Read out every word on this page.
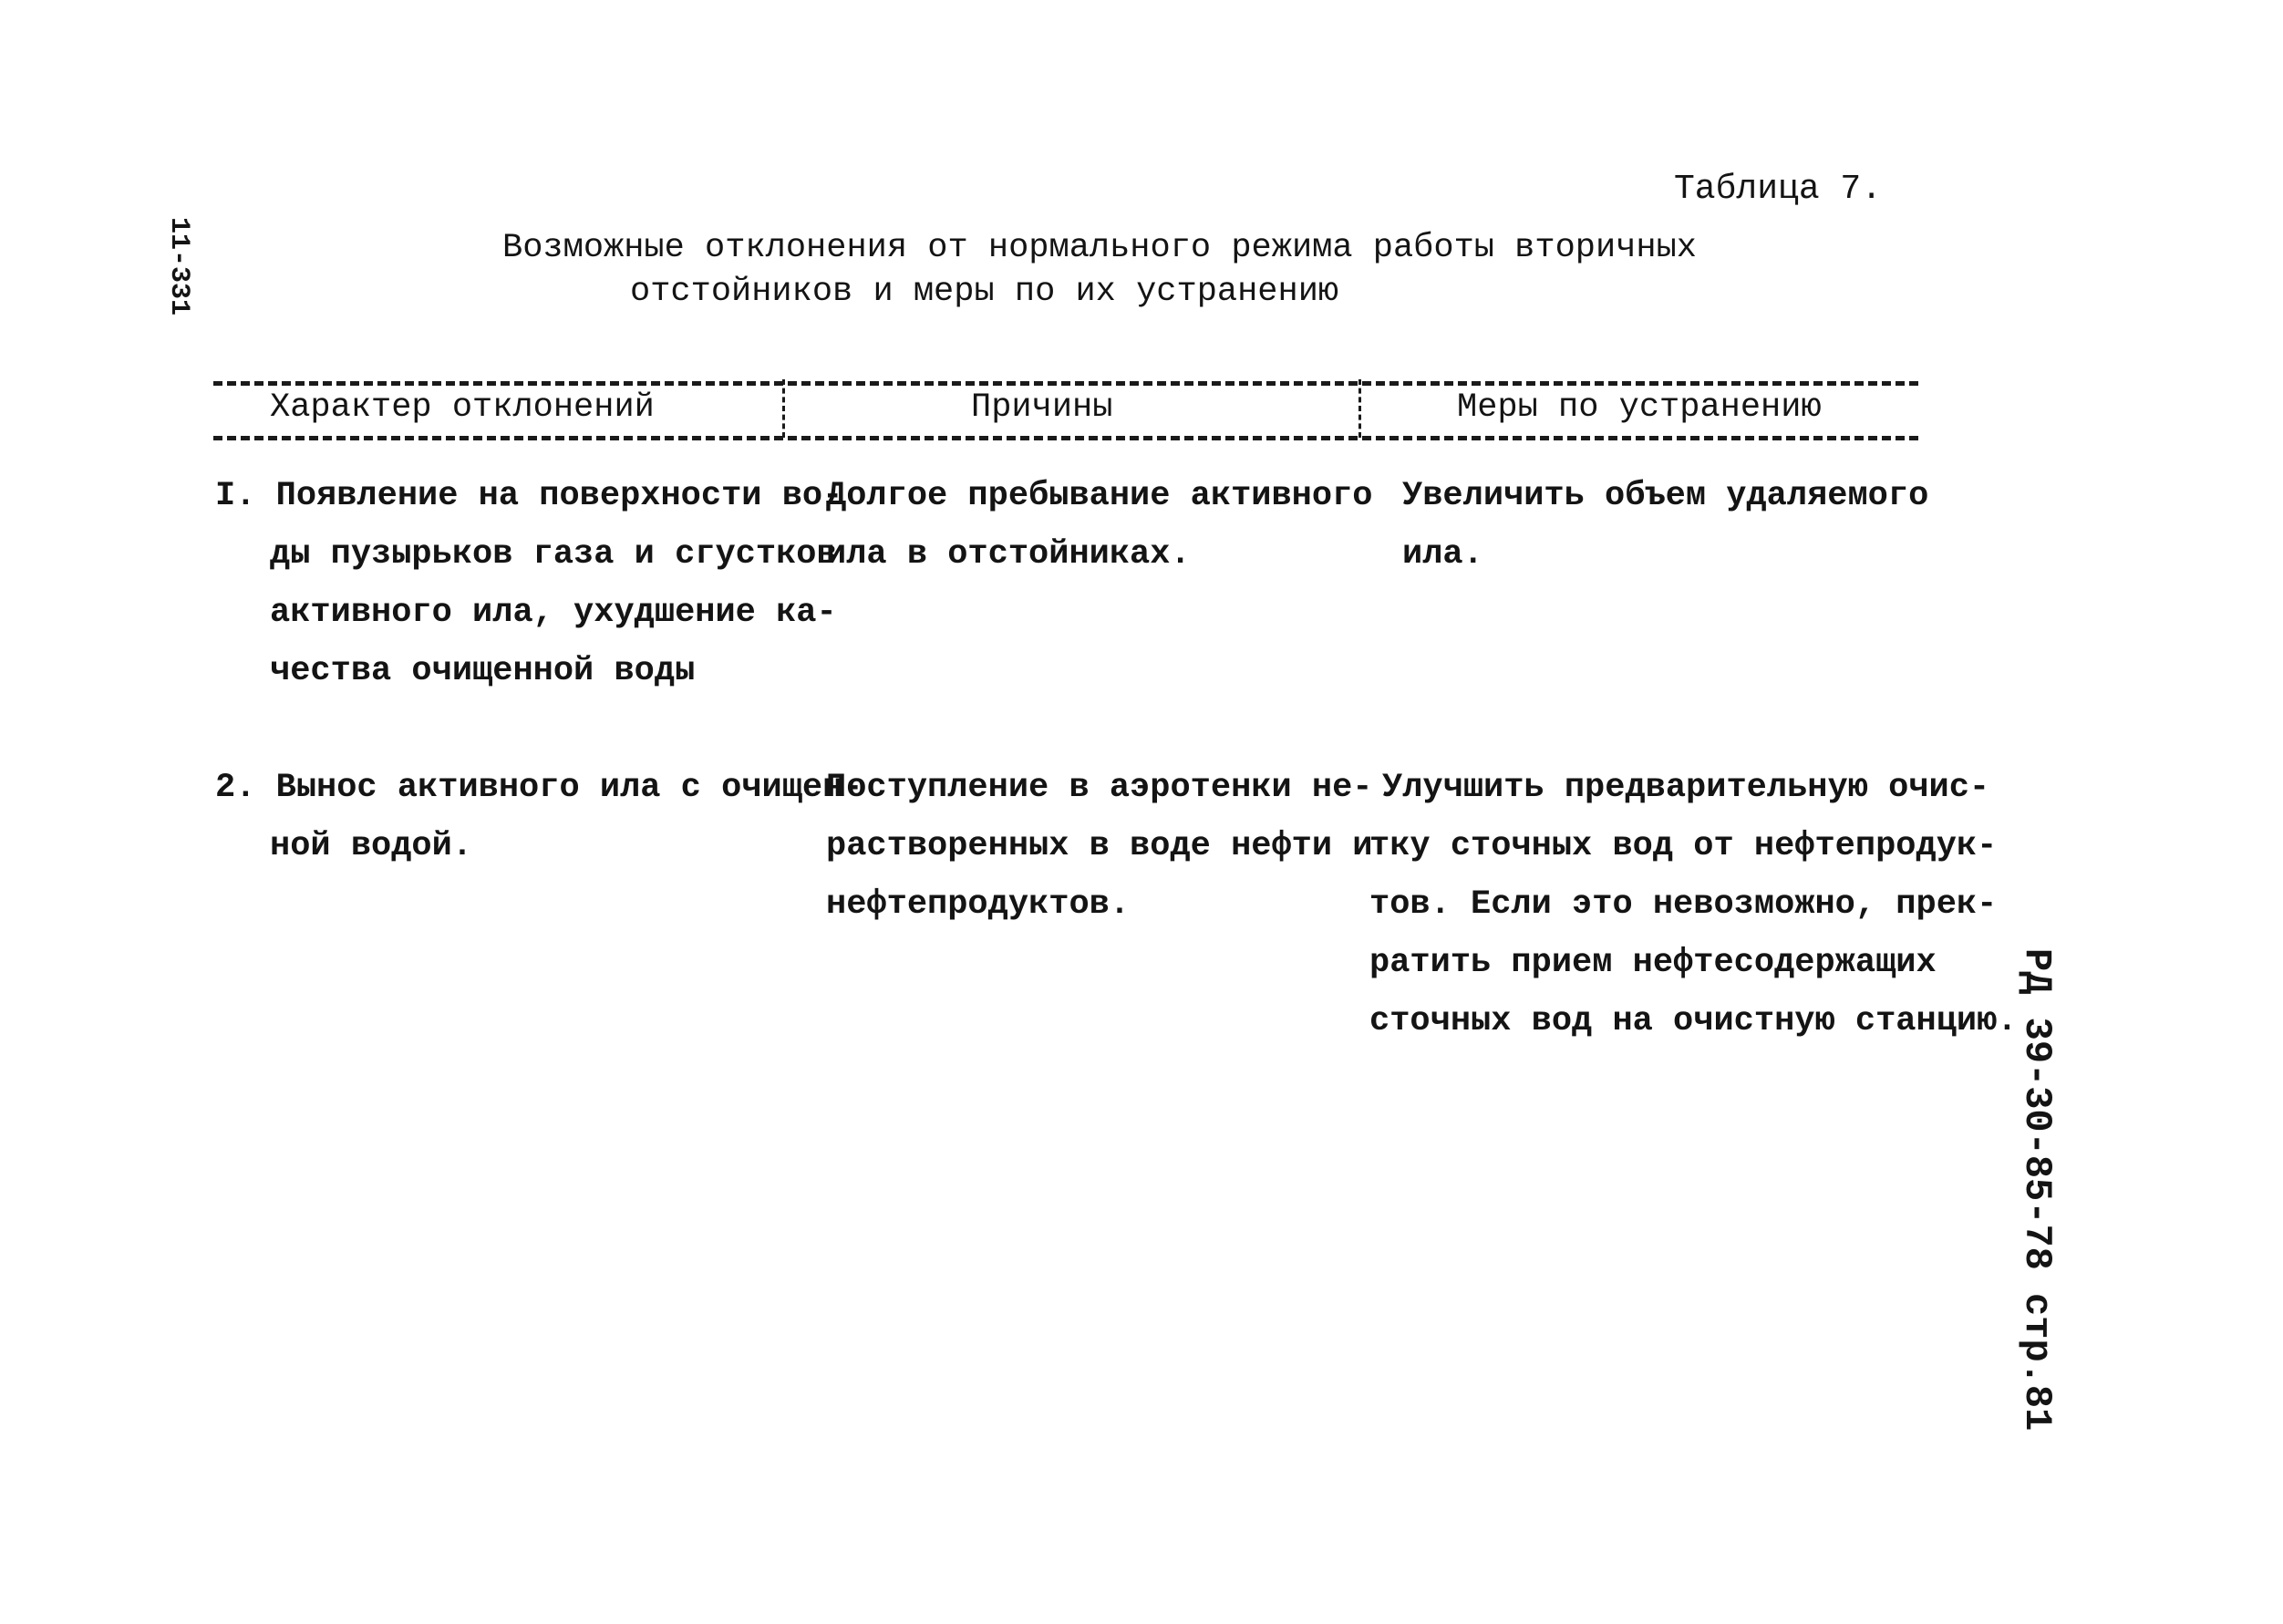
11-331
Таблица 7.
Возможные отклонения от нормального режима работы вторичных
отстойников и меры по их устранению
Характер отклонений	Причины	Меры по устранению
I. Появление на поверхности во-
ды пузырьков газа и сгустков
активного ила, ухудшение ка-
чества очищенной воды
Долгое пребывание активного
ила в отстойниках.
Увеличить объем удаляемого
ила.
2. Вынос активного ила с очищен-
ной водой.
Поступление в аэротенки не-
растворенных в воде нефти и
нефтепродуктов.
Улучшить предварительную очис-
тку сточных вод от нефтепродук-
тов. Если это невозможно, прек-
ратить прием нефтесодержащих
сточных вод на очистную станцию.
РД 39-30-85-78 стр.81
